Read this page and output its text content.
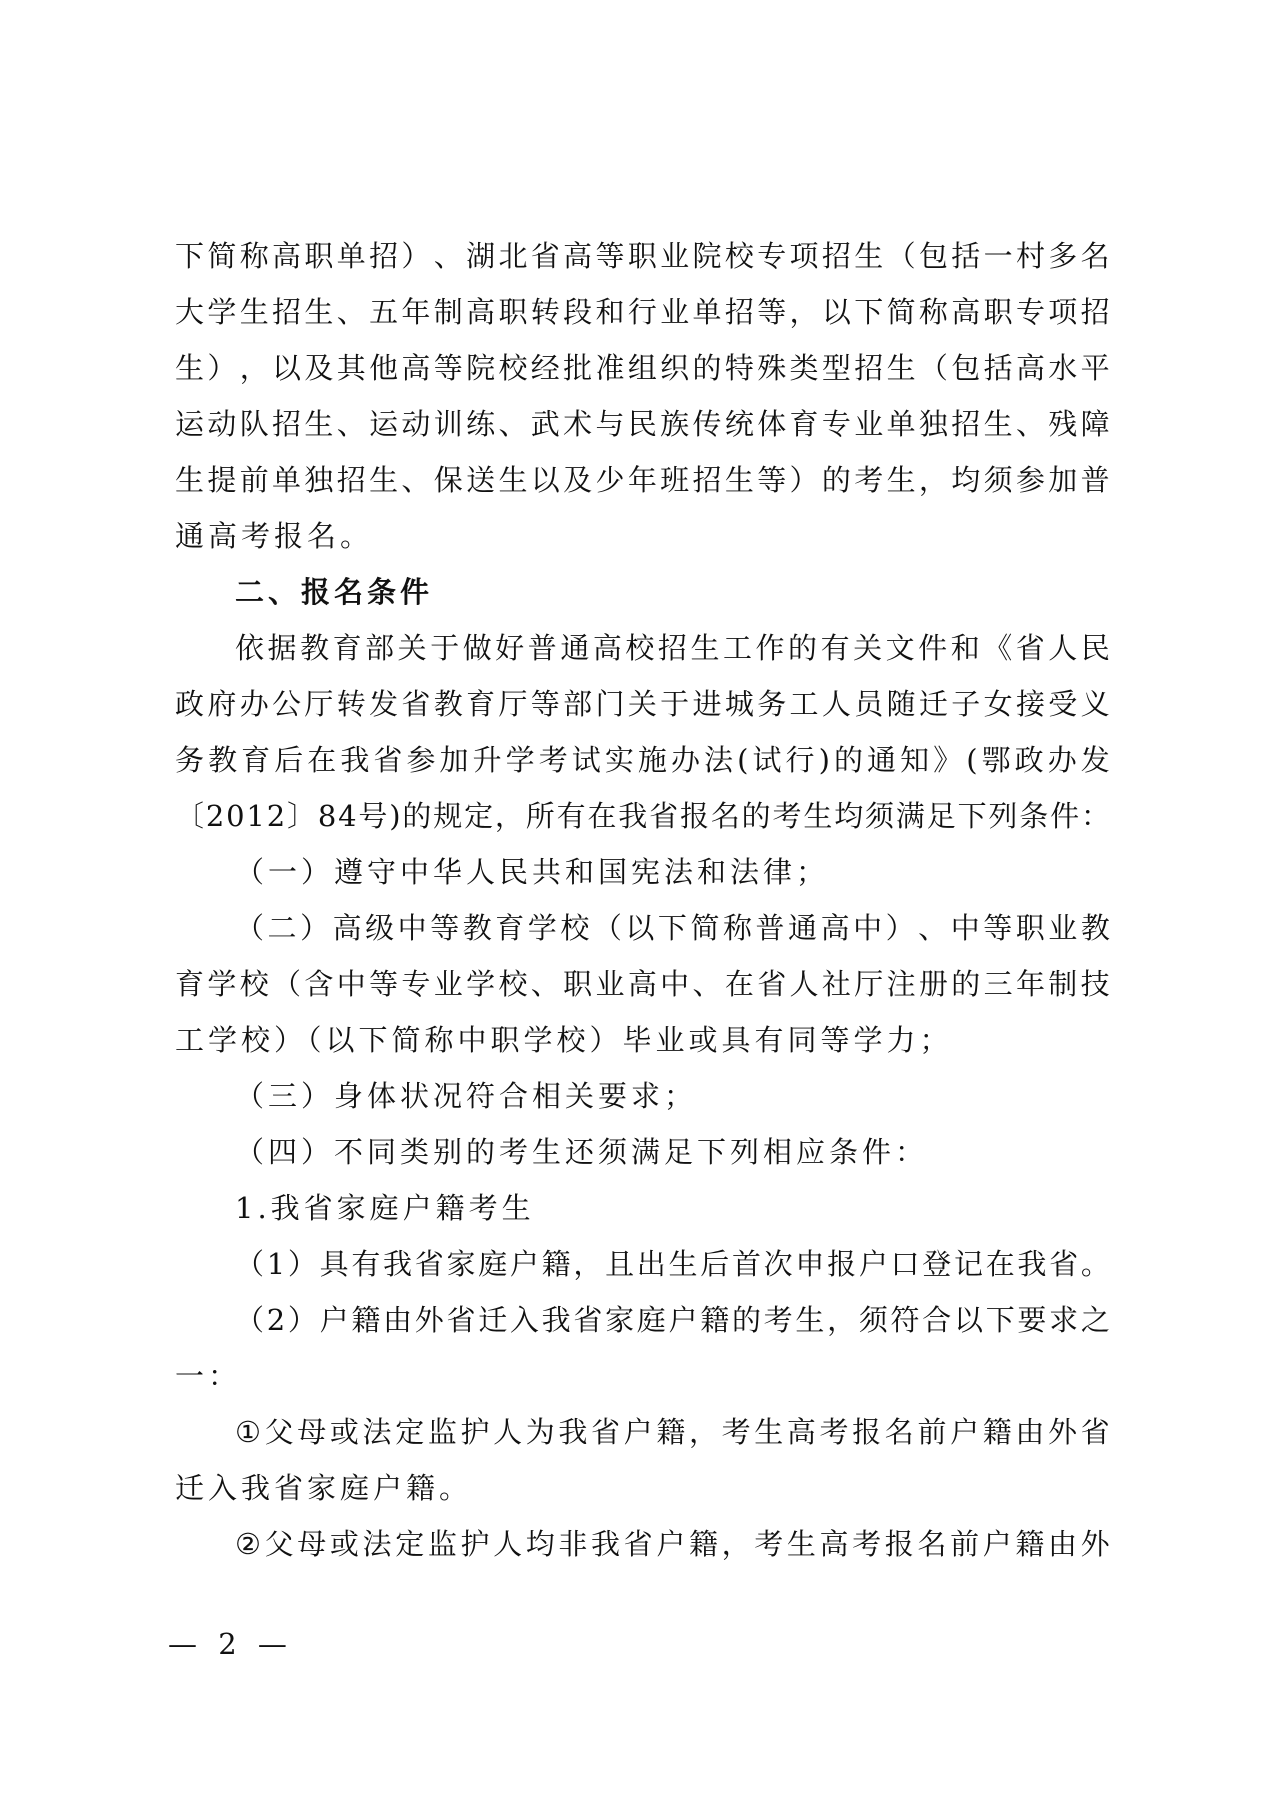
下 简 称 高 职 单 招 ） 、 湖 北 省 高 等 职 业 院 校 专 项 招 生 （ 包 括 一 村 多 名
大 学 生 招 生 、 五 年 制 高 职 转 段 和 行 业 单 招 等 ， 以 下 简 称 高 职 专 项 招
生 ） ， 以 及 其 他 高 等 院 校 经 批 准 组 织 的 特 殊 类 型 招 生 （ 包 括 高 水 平
运 动 队 招 生 、 运 动 训 练 、 武 术 与 民 族 传 统 体 育 专 业 单 独 招 生 、 残 障
生 提 前 单 独 招 生 、 保 送 生 以 及 少 年 班 招 生 等 ） 的 考 生 ， 均 须 参 加 普
通高考报名。
二、报名条件
依 据 教 育 部 关 于 做 好 普 通 高 校 招 生 工 作 的 有 关 文 件 和 《 省 人 民
政 府 办 公 厅 转 发 省 教 育 厅 等 部 门 关 于 进 城 务 工 人 员 随 迁 子 女 接 受 义
务 教 育 后 在 我 省 参 加 升 学 考 试 实 施 办 法 ( 试 行 ) 的 通 知 》 ( 鄂 政 办 发
〔 2 0 1 2 〕 8 4 号 ) 的 规 定 ， 所 有 在 我 省 报 名 的 考 生 均 须 满 足 下 列 条 件 ：
（一）遵守中华人民共和国宪法和法律；
（ 二 ） 高 级 中 等 教 育 学 校 （ 以 下 简 称 普 通 高 中 ） 、 中 等 职 业 教
育 学 校 （ 含 中 等 专 业 学 校 、 职 业 高 中 、 在 省 人 社 厅 注 册 的 三 年 制 技
工学校）（以下简称中职学校）毕业或具有同等学力；
（三）身体状况符合相关要求；
（四）不同类别的考生还须满足下列相应条件：
1.我省家庭户籍考生
（ 1 ） 具 有 我 省 家 庭 户 籍 ， 且 出 生 后 首 次 申 报 户 口 登 记 在 我 省 。
（ 2 ） 户 籍 由 外 省 迁 入 我 省 家 庭 户 籍 的 考 生 ， 须 符 合 以 下 要 求 之
一：
① 父 母 或 法 定 监 护 人 为 我 省 户 籍 ， 考 生 高 考 报 名 前 户 籍 由 外 省
迁入我省家庭户籍。
② 父 母 或 法 定 监 护 人 均 非 我 省 户 籍 ， 考 生 高 考 报 名 前 户 籍 由 外
— 2 —
